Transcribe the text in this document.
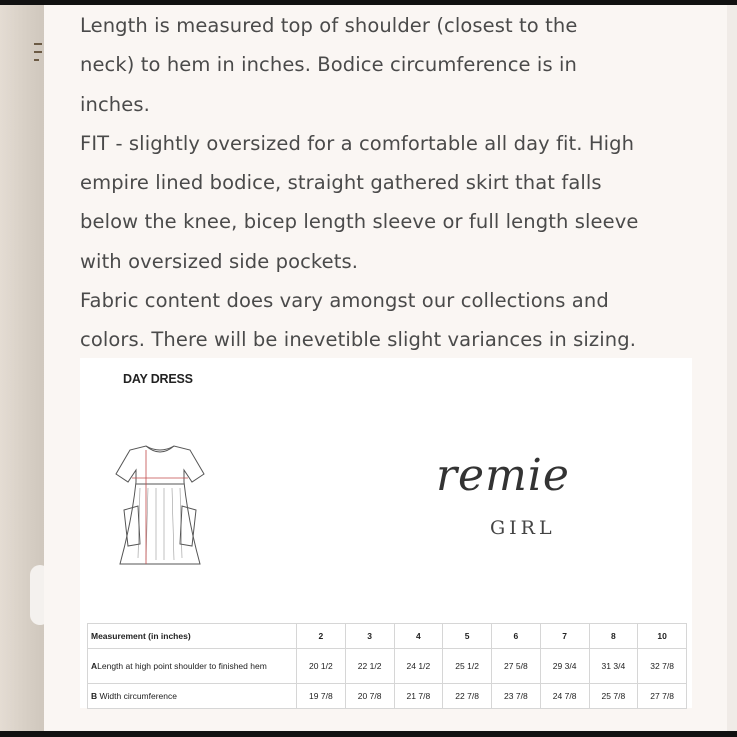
Length is measured top of shoulder (closest to the

neck) to hem in inches. Bodice circumference is in

inches.

FIT - slightly oversized for a comfortable all day fit. High

empire lined bodice, straight gathered skirt that falls

below the knee, bicep length sleeve or full length sleeve

with oversized side pockets.

Fabric content does vary amongst our collections and

colors. There will be inevetible slight variances in sizing.

DAY DRESS
remie
GIRL
Measurement (in inches)	2	3	4	5	6	7	8	10
ALength at high point shoulder to finished hem	20 1/2	22 1/2	24 1/2	25 1/2	27 5/8	29 3/4	31 3/4	32 7/8
B Width circumference	19 7/8	20 7/8	21 7/8	22 7/8	23 7/8	24 7/8	25 7/8	27 7/8
